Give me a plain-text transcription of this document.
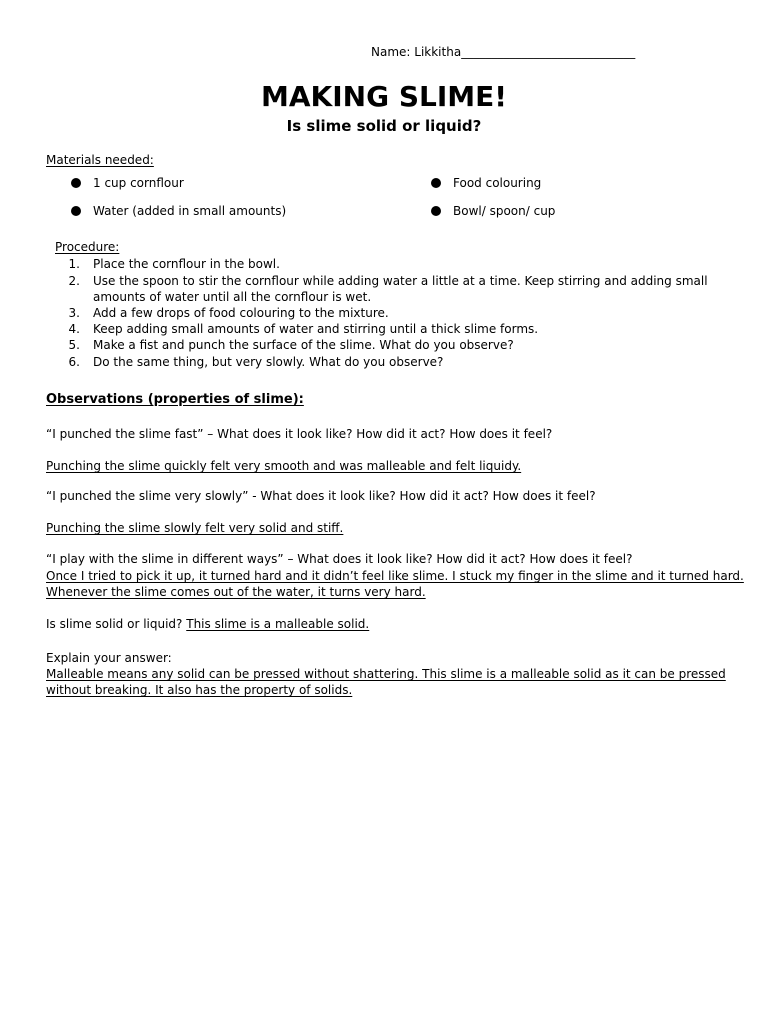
Name: Likkitha_____________________________

MAKING SLIME!
Is slime solid or liquid?

Materials needed:

1 cup cornflour	Food colouring

Water (added in small amounts)	Bowl/ spoon/ cup

Procedure:

1. Place the cornflour in the bowl.
2. Use the spoon to stir the cornflour while adding water a little at a time. Keep stirring and adding small
amounts of water until all the cornflour is wet.
3. Add a few drops of food colouring to the mixture.
4. Keep adding small amounts of water and stirring until a thick slime forms.
5. Make a fist and punch the surface of the slime. What do you observe?
6. Do the same thing, but very slowly. What do you observe?

Observations (properties of slime):

“I punched the slime fast” – What does it look like? How did it act? How does it feel?

Punching the slime quickly felt very smooth and was malleable and felt liquidy.

“I punched the slime very slowly” - What does it look like? How did it act? How does it feel?

Punching the slime slowly felt very solid and stiff.

“I play with the slime in different ways” – What does it look like? How did it act? How does it feel?

Once I tried to pick it up, it turned hard and it didn’t feel like slime. I stuck my finger in the slime and it turned hard.

Whenever the slime comes out of the water, it turns very hard.

Is slime solid or liquid? This slime is a malleable solid.

Explain your answer:

Malleable means any solid can be pressed without shattering. This slime is a malleable solid as it can be pressed

without breaking. It also has the property of solids.
